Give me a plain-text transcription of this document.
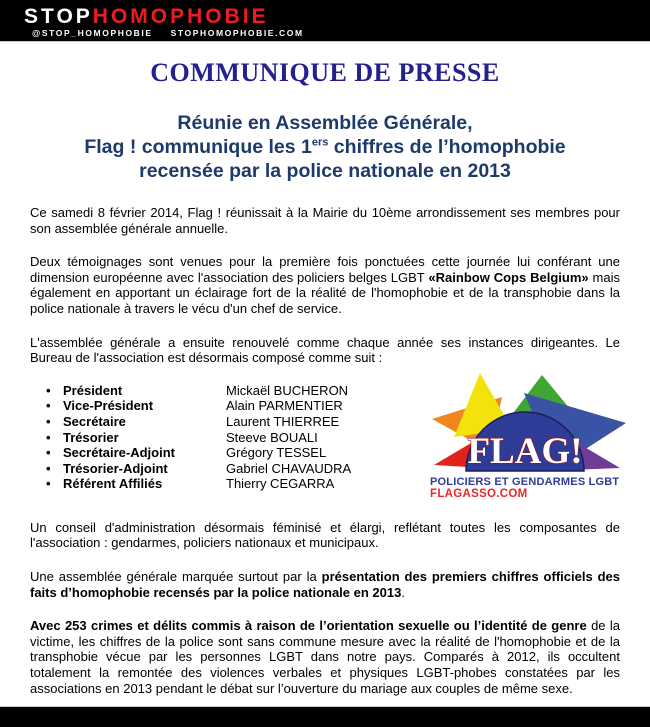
STOPHOMOPHOBIE
@STOP_HOMOPHOBIE STOPHOMOPHOBIE.COM
COMMUNIQUE DE PRESSE
Réunie en Assemblée Générale,
Flag ! communique les 1ers chiffres de l’homophobie
recensée par la police nationale en 2013

Ce samedi 8 février 2014, Flag ! réunissait à la Mairie du 10ème arrondissement ses membres pour son assemblée générale annuelle.

Deux témoignages sont venues pour la première fois ponctuées cette journée lui conférant une dimension européenne avec l'association des policiers belges LGBT «Rainbow Cops Belgium» mais également en apportant un éclairage fort de la réalité de l'homophobie et de la transphobie dans la police nationale à travers le vécu d'un chef de service.

L'assemblée générale a ensuite renouvelé comme chaque année ses instances dirigeantes. Le Bureau de l'association est désormais composé comme suit :

• Président	Mickaël BUCHERON
• Vice-Président	Alain PARMENTIER
• Secrétaire	Laurent THIERREE
• Trésorier	Steeve BOUALI
• Secrétaire-Adjoint	Grégory TESSEL
• Trésorier-Adjoint	Gabriel CHAVAUDRA
• Référent Affiliés	Thierry CEGARRA
FLAG!
POLICIERS ET GENDARMES LGBT
FLAGASSO.COM

Un conseil d'administration désormais féminisé et élargi, reflétant toutes les composantes de l'association : gendarmes, policiers nationaux et municipaux.

Une assemblée générale marquée surtout par la présentation des premiers chiffres officiels des faits d’homophobie recensés par la police nationale en 2013.

Avec 253 crimes et délits commis à raison de l’orientation sexuelle ou l’identité de genre de la victime, les chiffres de la police sont sans commune mesure avec la réalité de l'homophobie et de la transphobie vécue par les personnes LGBT dans notre pays. Comparés à 2012, ils occultent totalement la remontée des violences verbales et physiques LGBT-phobes constatées par les associations en 2013 pendant le débat sur l’ouverture du mariage aux couples de même sexe.
